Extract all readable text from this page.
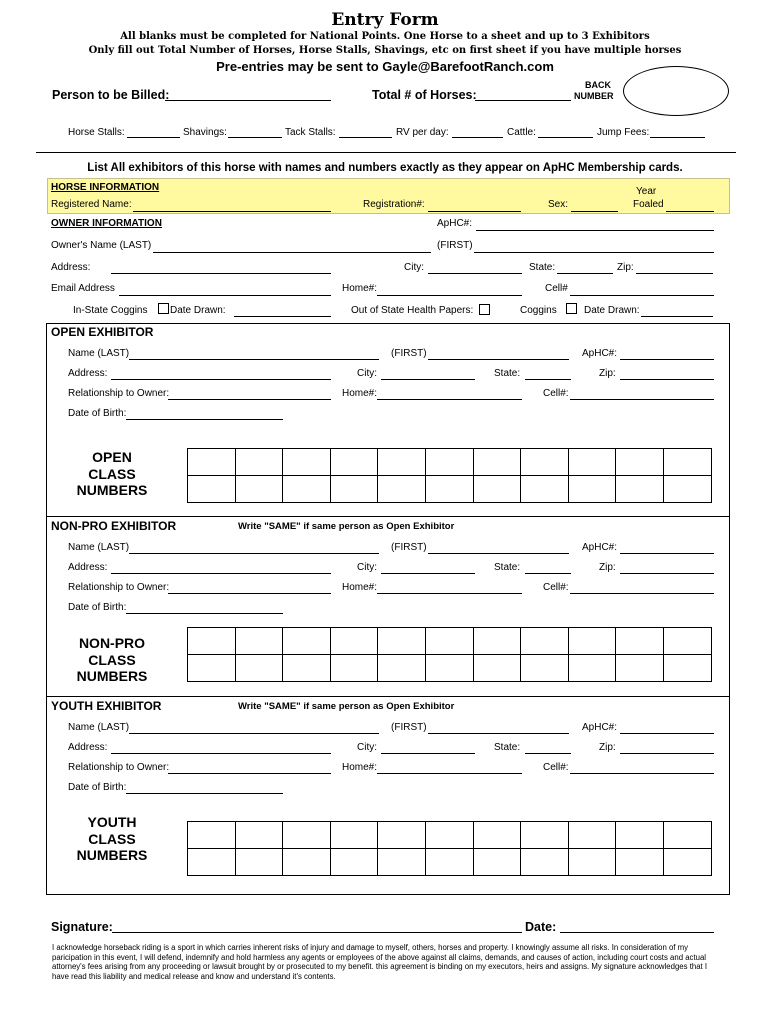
Entry Form
All blanks must be completed for National Points. One Horse to a sheet and up to 3 Exhibitors
Only fill out Total Number of Horses, Horse Stalls, Shavings, etc on first sheet if you have multiple horses
Pre-entries may be sent to Gayle@BarefootRanch.com
Person to be Billed:	Total # of Horses:
BACK
NUMBER
Horse Stalls:	Shavings:	Tack Stalls:	RV per day:	Cattle:	Jump Fees:
List All exhibitors of this horse with names and numbers exactly as they appear on ApHC Membership cards.
HORSE INFORMATION
Registered Name:	Registration#:	Sex:
Year
Foaled
OWNER INFORMATION	ApHC#:
Owner's Name (LAST)	(FIRST)
Address:	City:	State:	Zip:
Email Address	Home#:	Cell#
In-State Coggins Date Drawn:	Out of State Health Papers:	Coggins	Date Drawn:
OPEN EXHIBITOR
Name (LAST)	(FIRST)	ApHC#:
Address:	City:	State:	Zip:
Relationship to Owner:	Home#:	Cell#:
Date of Birth:
OPEN
CLASS
NUMBERS

NON-PRO EXHIBITOR	Write "SAME" if same person as Open Exhibitor
Name (LAST)	(FIRST)	ApHC#:
Address:	City:	State:	Zip:
Relationship to Owner:	Home#:	Cell#:
Date of Birth:
NON-PRO
CLASS
NUMBERS

YOUTH EXHIBITOR	Write "SAME" if same person as Open Exhibitor
Name (LAST)	(FIRST)	ApHC#:
Address:	City:	State:	Zip:
Relationship to Owner:	Home#:	Cell#:
Date of Birth:
YOUTH
CLASS
NUMBERS

Signature:	Date:
I acknowledge horseback riding is a sport in which carries inherent risks of injury and damage to myself, others, horses and property. I knowingly assume all risks. In consideration of my paricipation in this event, I will defend, indemnify and hold harmless any agents or employees of the above against all claims, demands, and causes of action, including court costs and actual attorney's fees arising from any proceeding or lawsuit brought by or prosecuted to my benefit. this agreement is binding on my executors, heirs and assigns. My signature acknowledges that I have read this liability and medical release and know and understand it's contents.
